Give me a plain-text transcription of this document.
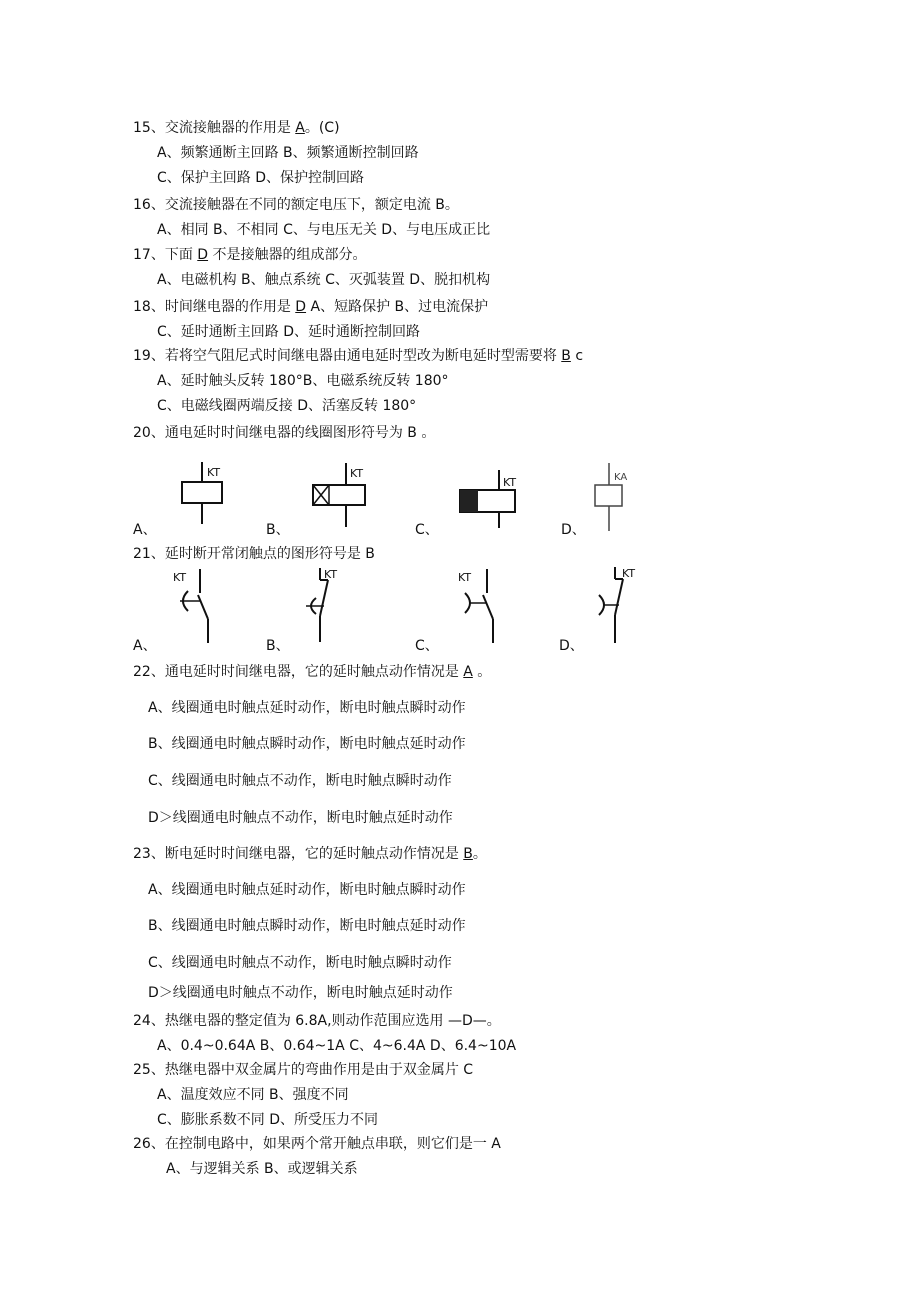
15、交流接触器的作用是 A。(C)
A、频繁通断主回路 B、频繁通断控制回路
C、保护主回路 D、保护控制回路
16、交流接触器在不同的额定电压下，额定电流 B。
A、相同 B、不相同 C、与电压无关 D、与电压成正比
17、下面 D 不是接触器的组成部分。
A、电磁机构 B、触点系统 C、灭弧装置 D、脱扣机构
18、时间继电器的作用是 D A、短路保护 B、过电流保护
C、延时通断主回路 D、延时通断控制回路
19、若将空气阻尼式时间继电器由通电延时型改为断电延时型需要将 B c
A、延时触头反转 180°B、电磁系统反转 180°
C、电磁线圈两端反接 D、活塞反转 180°
20、通电延时时间继电器的线圈图形符号为 B 。
KT
A、
KT
B、
KT
C、
KA
D、
21、延时断开常闭触点的图形符号是 B
KT
A、
KT
B、
KT
C、
KT
D、
22、通电延时时间继电器，它的延时触点动作情况是 A 。
A、线圈通电时触点延时动作，断电时触点瞬时动作
B、线圈通电时触点瞬时动作，断电时触点延时动作
C、线圈通电时触点不动作，断电时触点瞬时动作
D＞线圈通电时触点不动作，断电时触点延时动作
23、断电延时时间继电器，它的延时触点动作情况是 B。
A、线圈通电时触点延时动作，断电时触点瞬时动作
B、线圈通电时触点瞬时动作，断电时触点延时动作
C、线圈通电时触点不动作，断电时触点瞬时动作
D＞线圈通电时触点不动作，断电时触点延时动作
24、热继电器的整定值为 6.8A,则动作范围应选用 —D—。
A、0.4~0.64A B、0.64~1A C、4~6.4A D、6.4~10A
25、热继电器中双金属片的弯曲作用是由于双金属片 C
A、温度效应不同 B、强度不同
C、膨胀系数不同 D、所受压力不同
26、在控制电路中，如果两个常开触点串联，则它们是一 A
A、与逻辑关系 B、或逻辑关系
